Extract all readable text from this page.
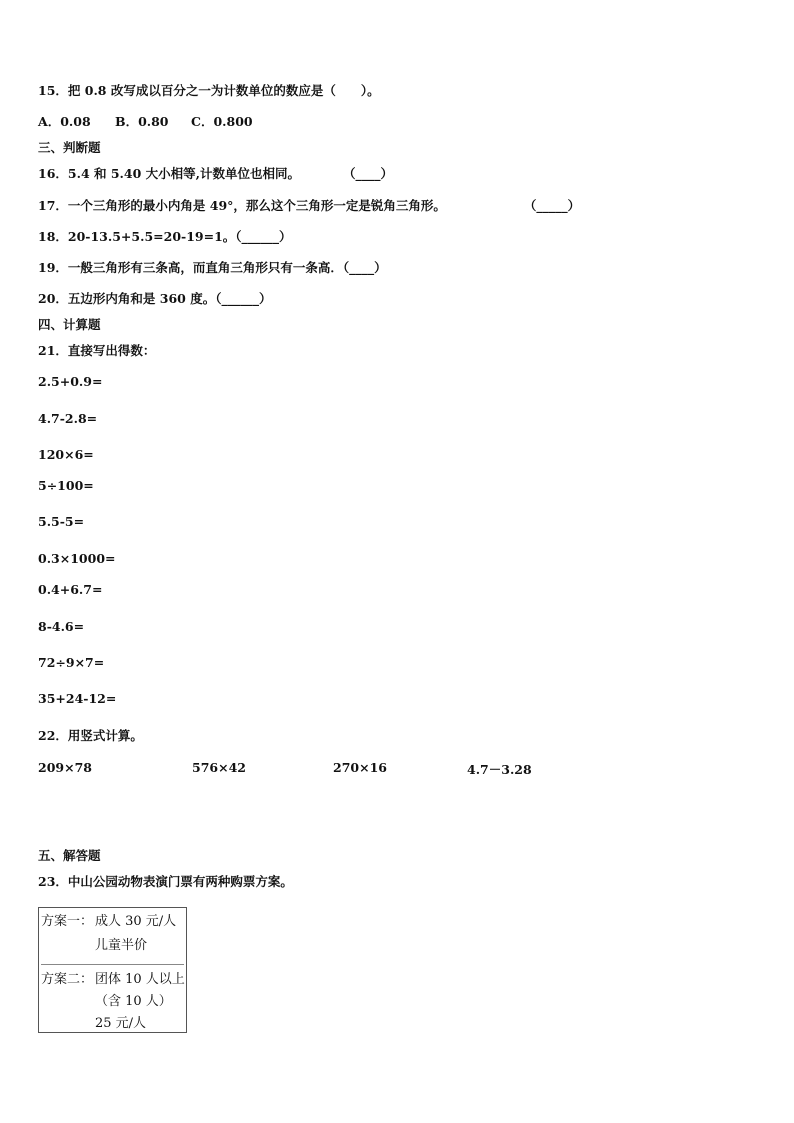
15．把 0.8 改写成以百分之一为计数单位的数应是（　　）。
A．0.08 B．0.80 C．0.800
三、判断题
16．5.4 和 5.40 大小相等,计数单位也相同。	（____）
17．一个三角形的最小内角是 49°，那么这个三角形一定是锐角三角形。	（_____）
18．20-13.5+5.5=20-19=1。（______）
19．一般三角形有三条高，而直角三角形只有一条高．（____）
20．五边形内角和是 360 度。（______）
四、计算题
21．直接写出得数：
2.5+0.9=
4.7-2.8=
120×6=
5÷100=
5.5-5=
0.3×1000=
0.4+6.7=
8-4.6=
72÷9×7=
35+24-12=
22．用竖式计算。
209×78	576×42	270×16	4.7－3.28
五、解答题
23．中山公园动物表演门票有两种购票方案。
方案一： 成人 30 元/人
儿童半价
方案二： 团体 10 人以上
（含 10 人）
25 元/人
